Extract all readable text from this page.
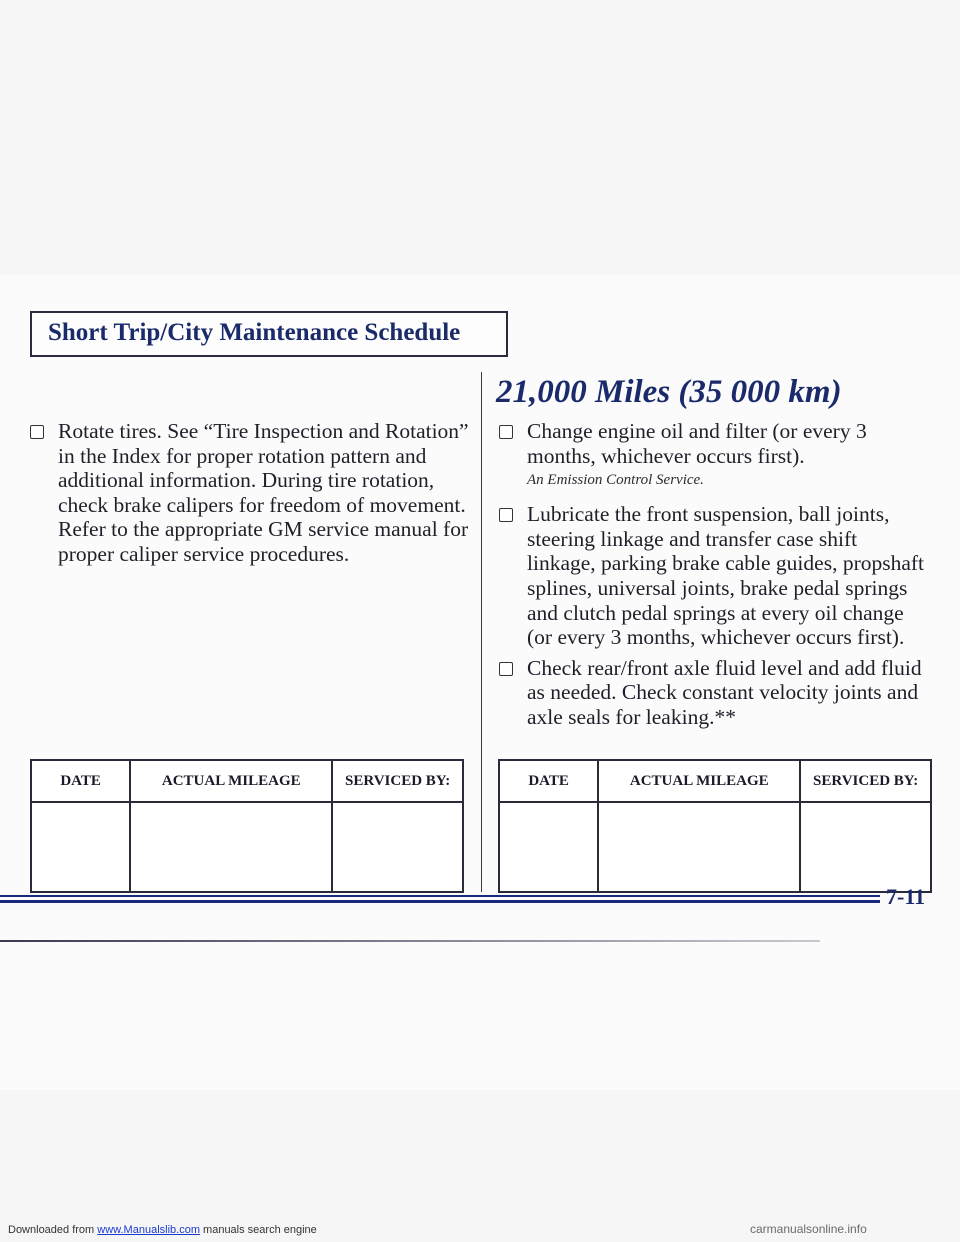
Short Trip/City Maintenance Schedule
21,000 Miles (35 000 km)
Rotate tires. See “Tire Inspection and Rotation” in the Index for proper rotation pattern and additional information. During tire rotation, check brake calipers for freedom of movement. Refer to the appropriate GM service manual for proper caliper service procedures.
Change engine oil and filter (or every 3 months, whichever occurs first).
An Emission Control Service.
Lubricate the front suspension, ball joints, steering linkage and transfer case shift linkage, parking brake cable guides, propshaft splines, universal joints, brake pedal springs and clutch pedal springs at every oil change (or every 3 months, whichever occurs first).
Check rear/front axle fluid level and add fluid as needed. Check constant velocity joints and axle seals for leaking.**
DATE	ACTUAL MILEAGE	SERVICED BY:
			DATE	ACTUAL MILEAGE	SERVICED BY:

7-11
Downloaded from www.Manualslib.com manuals search engine	carmanualsonline.info
